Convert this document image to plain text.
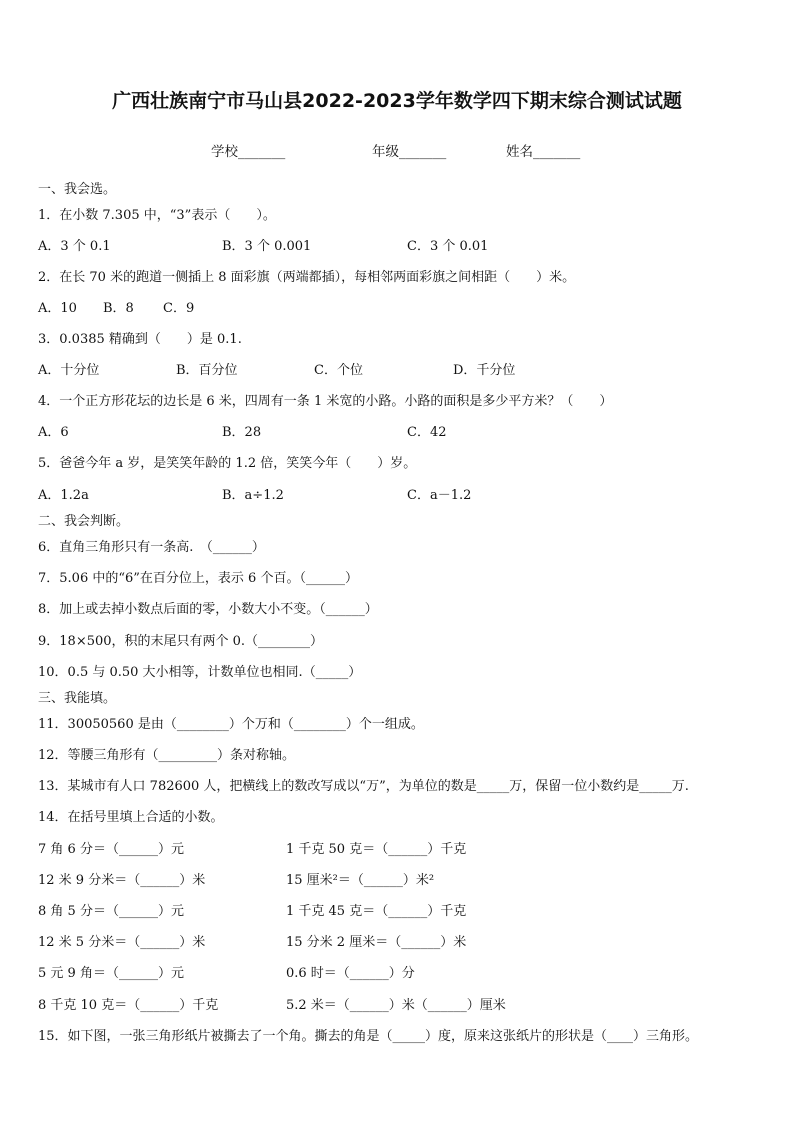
广西壮族南宁市马山县2022-2023学年数学四下期末综合测试试题
学校_______	年级_______	姓名_______
一、我会选。
1．在小数 7.305 中，“3”表示（　　）。
A．3 个 0.1	B．3 个 0.001	C．3 个 0.01
2．在长 70 米的跑道一侧插上 8 面彩旗（两端都插），每相邻两面彩旗之间相距（　　）米。
A．10 B．8 C．9
3．0.0385 精确到（　　）是 0.1.
A．十分位	B．百分位	C．个位	D．千分位
4．一个正方形花坛的边长是 6 米，四周有一条 1 米宽的小路。小路的面积是多少平方米？（　　）
A．6	B．28	C．42
5．爸爸今年 a 岁，是笑笑年龄的 1.2 倍，笑笑今年（　　）岁。
A．1.2a	B．a÷1.2	C．a－1.2
二、我会判断。
6．直角三角形只有一条高.　（______）
7．5.06 中的“6”在百分位上，表示 6 个百。（______）
8．加上或去掉小数点后面的零，小数大小不变。（______）
9．18×500，积的末尾只有两个 0.（________）
10．0.5 与 0.50 大小相等，计数单位也相同.（_____）
三、我能填。
11．30050560 是由（________）个万和（________）个一组成。
12．等腰三角形有（_________）条对称轴。
13．某城市有人口 782600 人，把横线上的数改写成以“万”，为单位的数是_____万，保留一位小数约是_____万.
14．在括号里填上合适的小数。
7 角 6 分＝（______）元	1 千克 50 克＝（______）千克
12 米 9 分米＝（______）米	15 厘米²＝（______）米²
8 角 5 分＝（______）元	1 千克 45 克＝（______）千克
12 米 5 分米＝（______）米	15 分米 2 厘米＝（______）米
5 元 9 角＝（______）元	0.6 时＝（______）分
8 千克 10 克＝（______）千克	5.2 米＝（______）米（______）厘米
15．如下图，一张三角形纸片被撕去了一个角。撕去的角是（_____）度，原来这张纸片的形状是（____）三角形。
